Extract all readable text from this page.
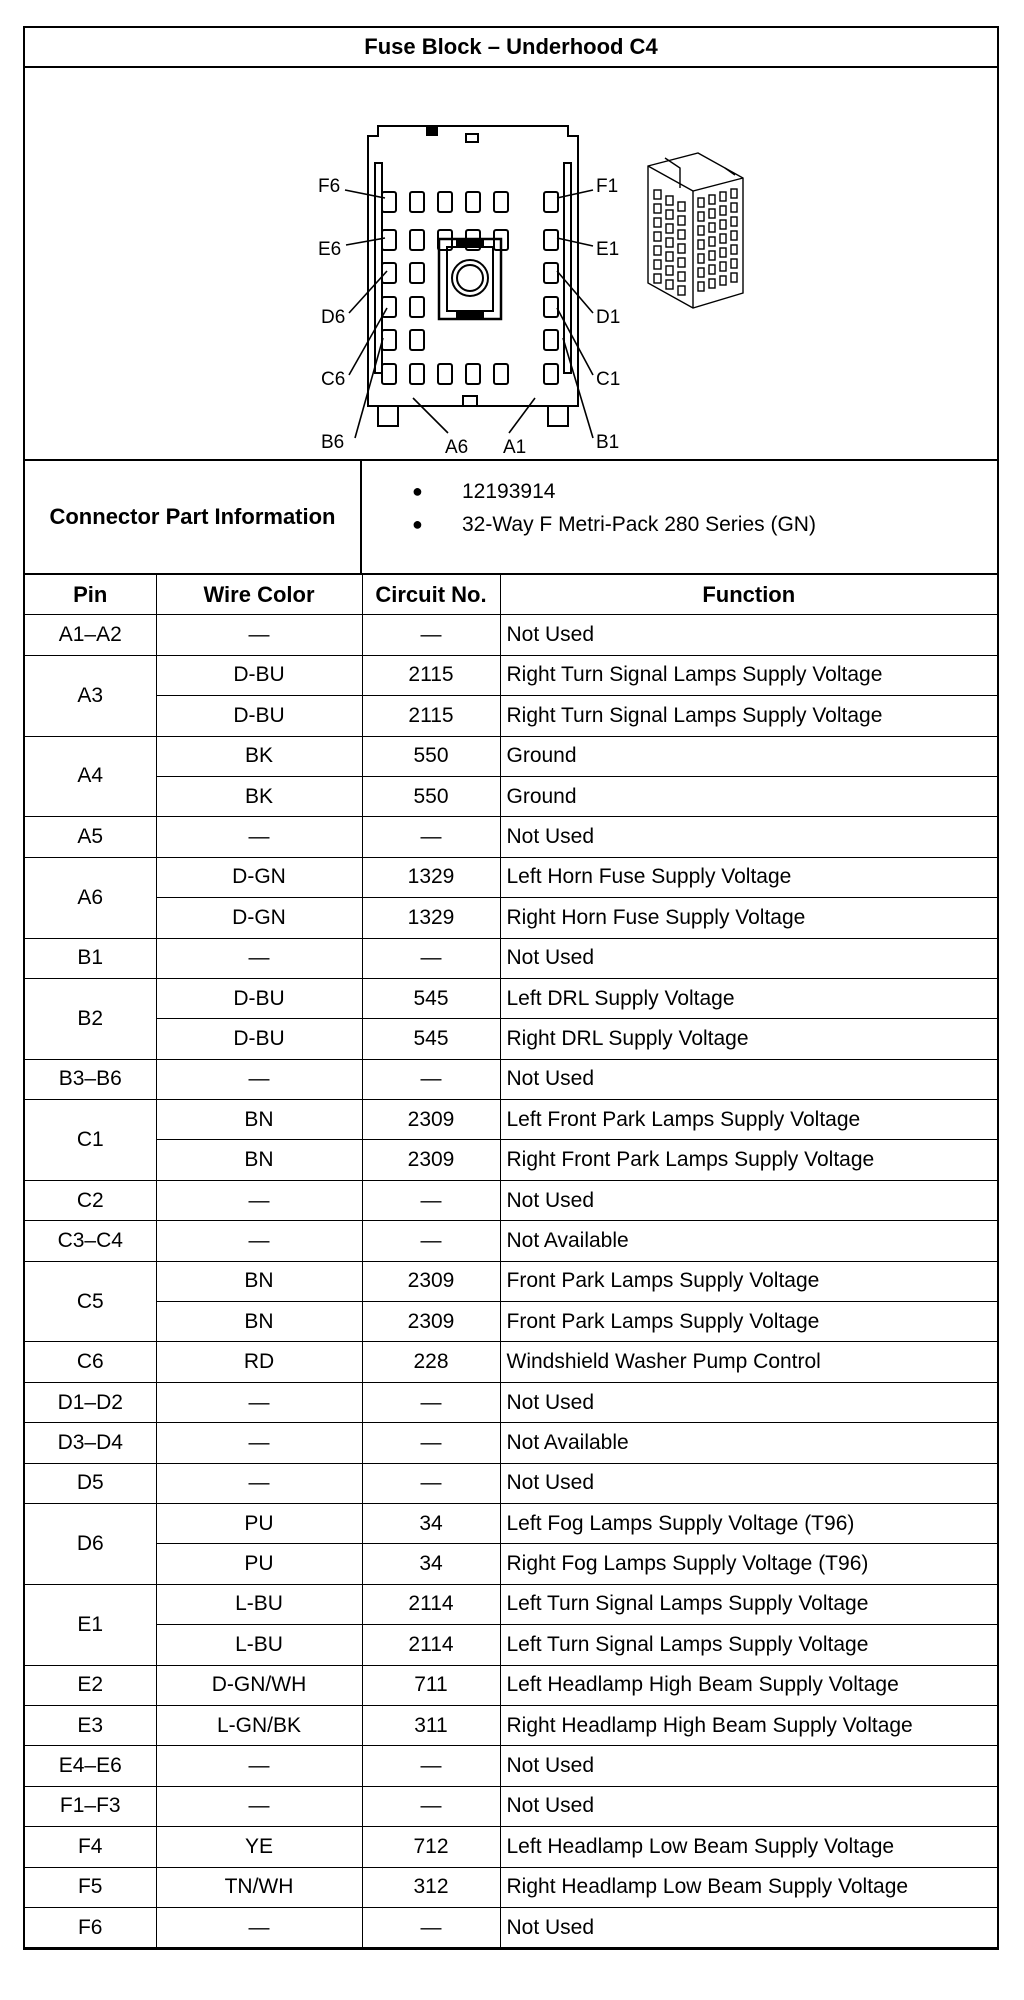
Fuse Block – Underhood C4
F6
E6
D6
C6
B6	A6 A1
F1
E1
D1
C1
B1
Connector Part Information
●	12193914
●	32-Way F Metri-Pack 280 Series (GN)
Pin	Wire Color	Circuit No.	Function
A1–A2	—	—	Not Used
A3	D-BU	2115	Right Turn Signal Lamps Supply Voltage
	D-BU	2115	Right Turn Signal Lamps Supply Voltage
A4	BK	550	Ground
	BK	550	Ground
A5	—	—	Not Used
A6	D-GN	1329	Left Horn Fuse Supply Voltage
	D-GN	1329	Right Horn Fuse Supply Voltage
B1	—	—	Not Used
B2	D-BU	545	Left DRL Supply Voltage
	D-BU	545	Right DRL Supply Voltage
B3–B6	—	—	Not Used
C1	BN	2309	Left Front Park Lamps Supply Voltage
	BN	2309	Right Front Park Lamps Supply Voltage
C2	—	—	Not Used
C3–C4	—	—	Not Available
C5	BN	2309	Front Park Lamps Supply Voltage
	BN	2309	Front Park Lamps Supply Voltage
C6	RD	228	Windshield Washer Pump Control
D1–D2	—	—	Not Used
D3–D4	—	—	Not Available
D5	—	—	Not Used
D6	PU	34	Left Fog Lamps Supply Voltage (T96)
	PU	34	Right Fog Lamps Supply Voltage (T96)
E1	L-BU	2114	Left Turn Signal Lamps Supply Voltage
	L-BU	2114	Left Turn Signal Lamps Supply Voltage
E2	D-GN/WH	711	Left Headlamp High Beam Supply Voltage
E3	L-GN/BK	311	Right Headlamp High Beam Supply Voltage
E4–E6	—	—	Not Used
F1–F3	—	—	Not Used
F4	YE	712	Left Headlamp Low Beam Supply Voltage
F5	TN/WH	312	Right Headlamp Low Beam Supply Voltage
F6	—	—	Not Used
